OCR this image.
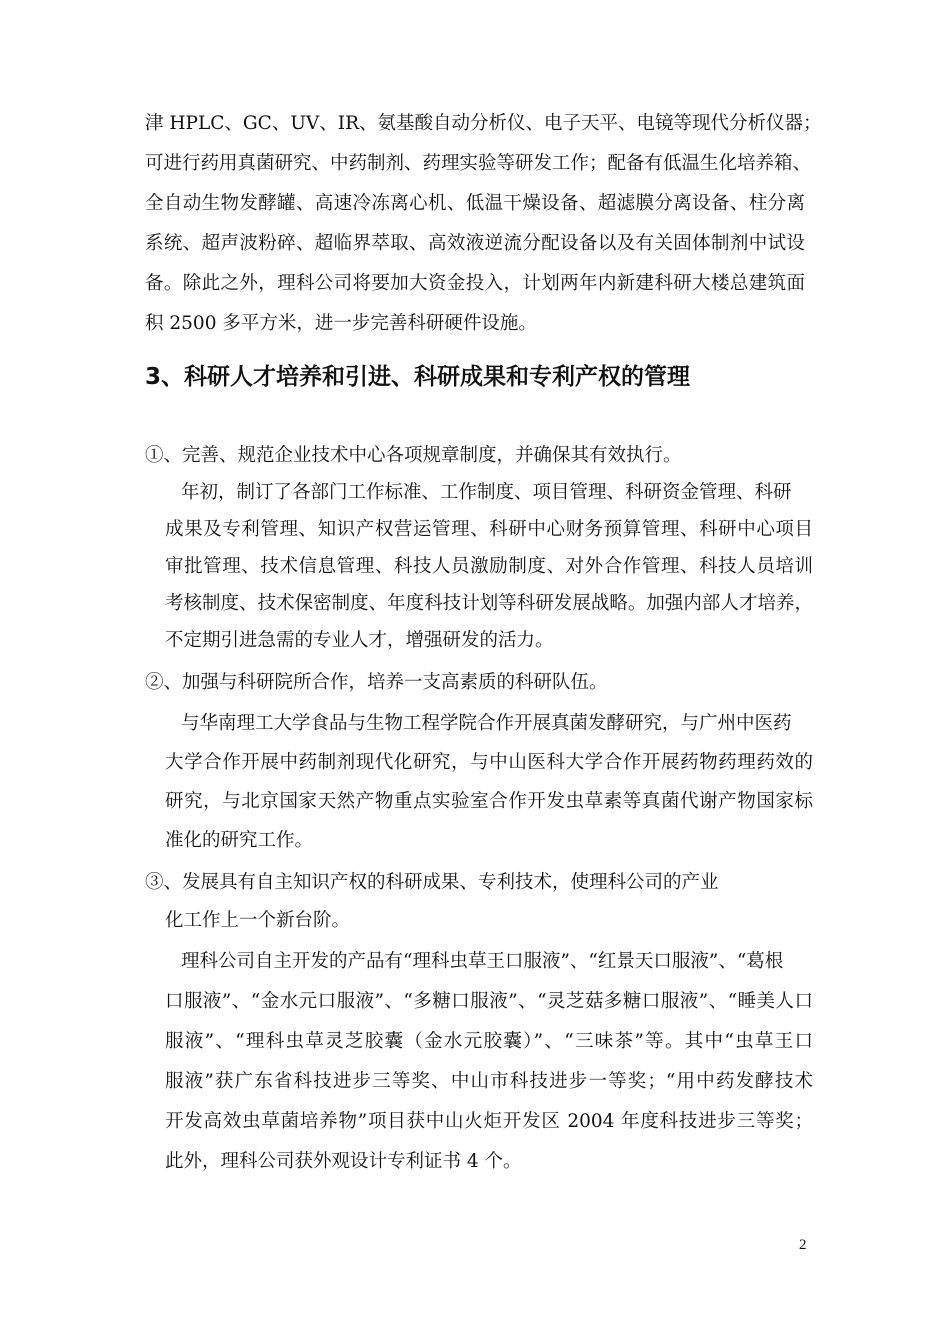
津 HPLC、GC、UV、IR、氨基酸自动分析仪、电子天平、电镜等现代分析仪器；

可进行药用真菌研究、中药制剂、药理实验等研发工作；配备有低温生化培养箱、

全自动生物发酵罐、高速冷冻离心机、低温干燥设备、超滤膜分离设备、柱分离

系统、超声波粉碎、超临界萃取、高效液逆流分配设备以及有关固体制剂中试设

备。除此之外，理科公司将要加大资金投入，计划两年内新建科研大楼总建筑面

积 2500 多平方米，进一步完善科研硬件设施。

3、科研人才培养和引进、科研成果和专利产权的管理

①、完善、规范企业技术中心各项规章制度，并确保其有效执行。

年初，制订了各部门工作标准、工作制度、项目管理、科研资金管理、科研

成果及专利管理、知识产权营运管理、科研中心财务预算管理、科研中心项目

审批管理、技术信息管理、科技人员激励制度、对外合作管理、科技人员培训

考核制度、技术保密制度、年度科技计划等科研发展战略。加强内部人才培养，

不定期引进急需的专业人才，增强研发的活力。

②、加强与科研院所合作，培养一支高素质的科研队伍。

与华南理工大学食品与生物工程学院合作开展真菌发酵研究，与广州中医药

大学合作开展中药制剂现代化研究，与中山医科大学合作开展药物药理药效的

研究，与北京国家天然产物重点实验室合作开发虫草素等真菌代谢产物国家标

准化的研究工作。

③、发展具有自主知识产权的科研成果、专利技术，使理科公司的产业

化工作上一个新台阶。

理科公司自主开发的产品有“理科虫草王口服液”、“红景天口服液”、“葛根

口服液”、“金水元口服液”、“多糖口服液”、“灵芝菇多糖口服液”、“睡美人口

服液”、“理科虫草灵芝胶囊（金水元胶囊）”、“三味茶”等。其中“虫草王口

服液”获广东省科技进步三等奖、中山市科技进步一等奖；“用中药发酵技术

开发高效虫草菌培养物”项目获中山火炬开发区 2004 年度科技进步三等奖；

此外，理科公司获外观设计专利证书 4 个。

2
